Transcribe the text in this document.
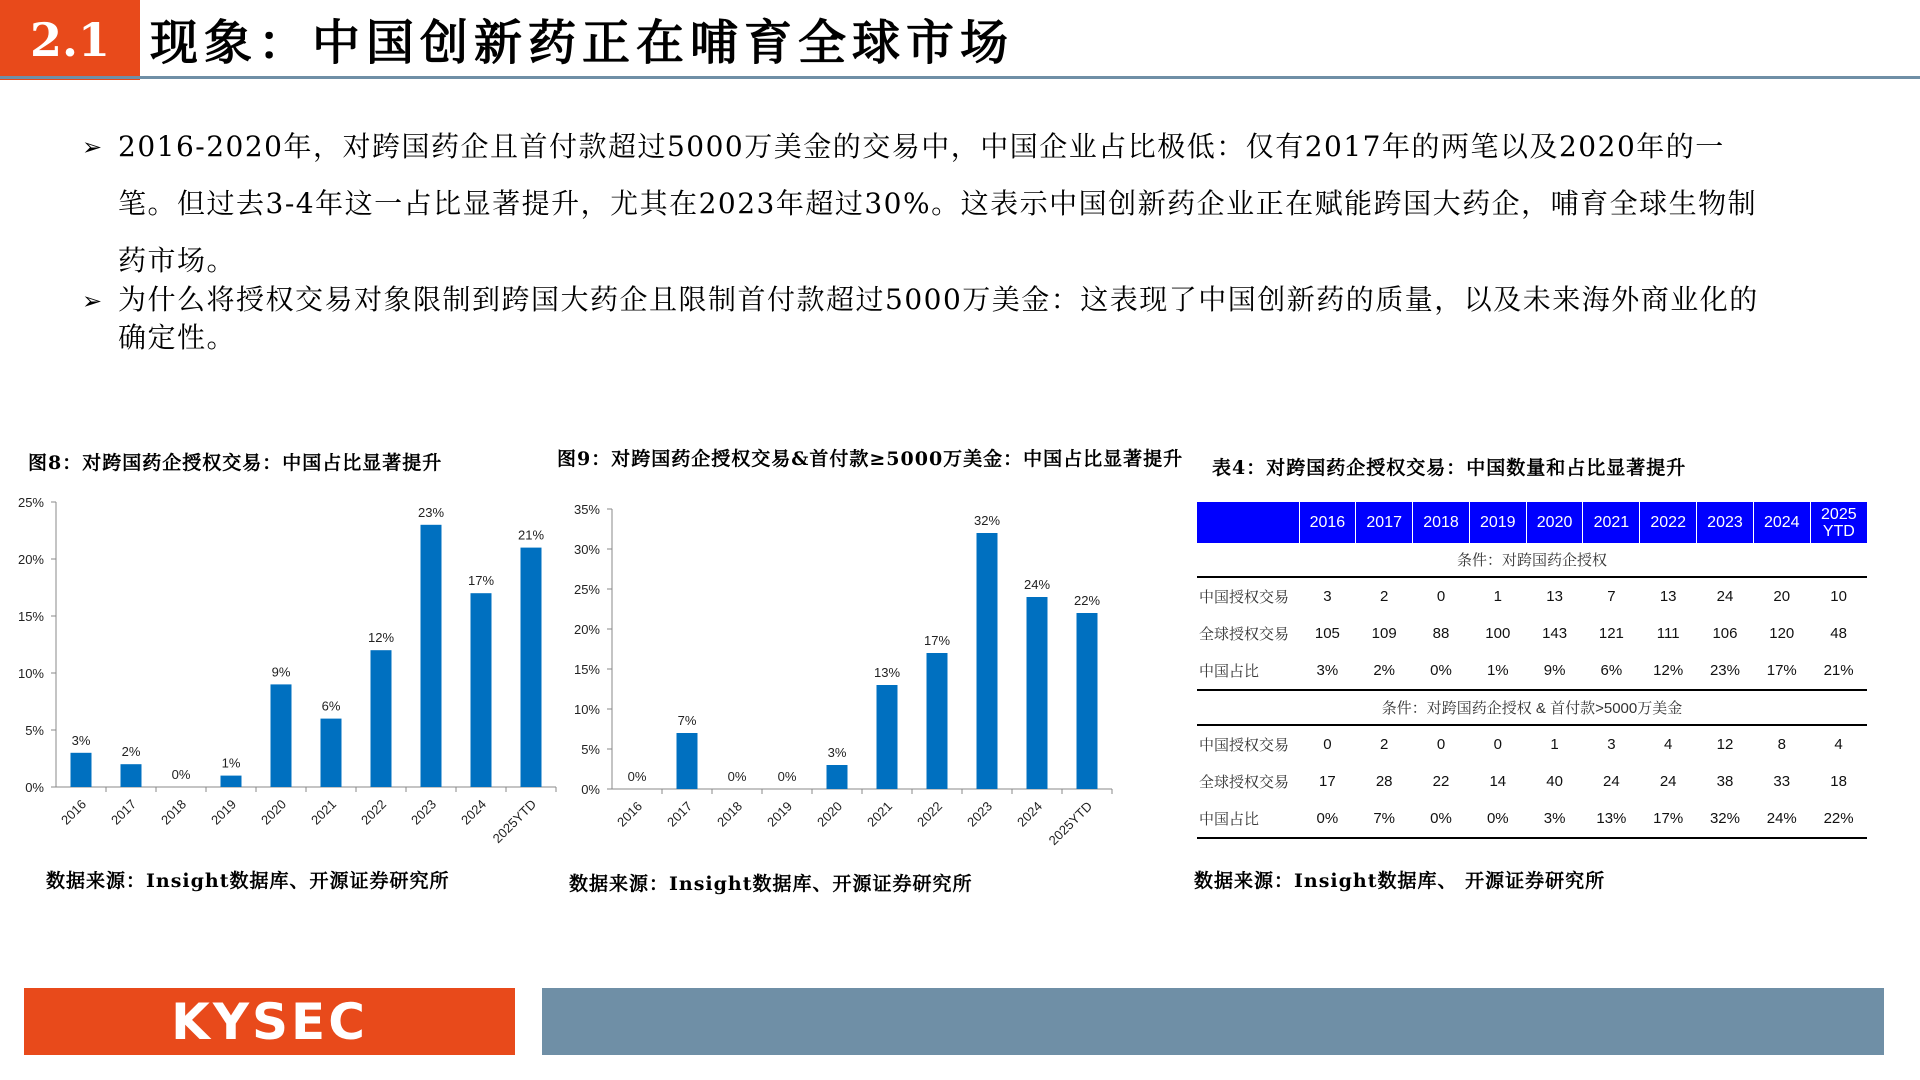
2.1 现象：中国创新药正在哺育全球市场
➢ 2016-2020年，对跨国药企且首付款超过5000万美金的交易中，中国企业占比极低：仅有2017年的两笔以及2020年的一笔。但过去3-4年这一占比显著提升，尤其在2023年超过30%。这表示中国创新药企业正在赋能跨国大药企，哺育全球生物制药市场。
➢ 为什么将授权交易对象限制到跨国大药企且限制首付款超过5000万美金：这表现了中国创新药的质量，以及未来海外商业化的确定性。
图8：对跨国药企授权交易：中国占比显著提升	图9：对跨国药企授权交易&首付款≥5000万美金：中国占比显著提升 表4：对跨国药企授权交易：中国数量和占比显著提升
0%
5%
10%
15%
20%
25%
3%
2016
2%
2017
0%
2018
1%
2019
9%
2020
6%
2021
12%
2022
23%
2023
17%
2024
21%
2025YTD
0%
5%
10%
15%
20%
25%
30%
35%
0%
2016
7%
2017
0%
2018
0%
2019
3%
2020
13%
2021
17%
2022
32%
2023
24%
2024
22%
2025YTD
	2016	2017	2018	2019	2020	2021	2022	2023	2024	2025
YTD
条件：对跨国药企授权										
中国授权交易	3	2	0	1	13	7	13	24	20	10
全球授权交易	105	109	88	100	143	121	111	106	120	48
中国占比	3%	2%	0%	1%	9%	6%	12%	23%	17%	21%
条件：对跨国药企授权 & 首付款>5000万美金										
中国授权交易	0	2	0	0	1	3	4	12	8	4
全球授权交易	17	28	22	14	40	24	24	38	33	18
中国占比	0%	7%	0%	0%	3%	13%	17%	32%	24%	22%
数据来源：Insight数据库、开源证券研究所	数据来源：Insight数据库、开源证券研究所	数据来源：Insight数据库、 开源证券研究所
KYSEC
